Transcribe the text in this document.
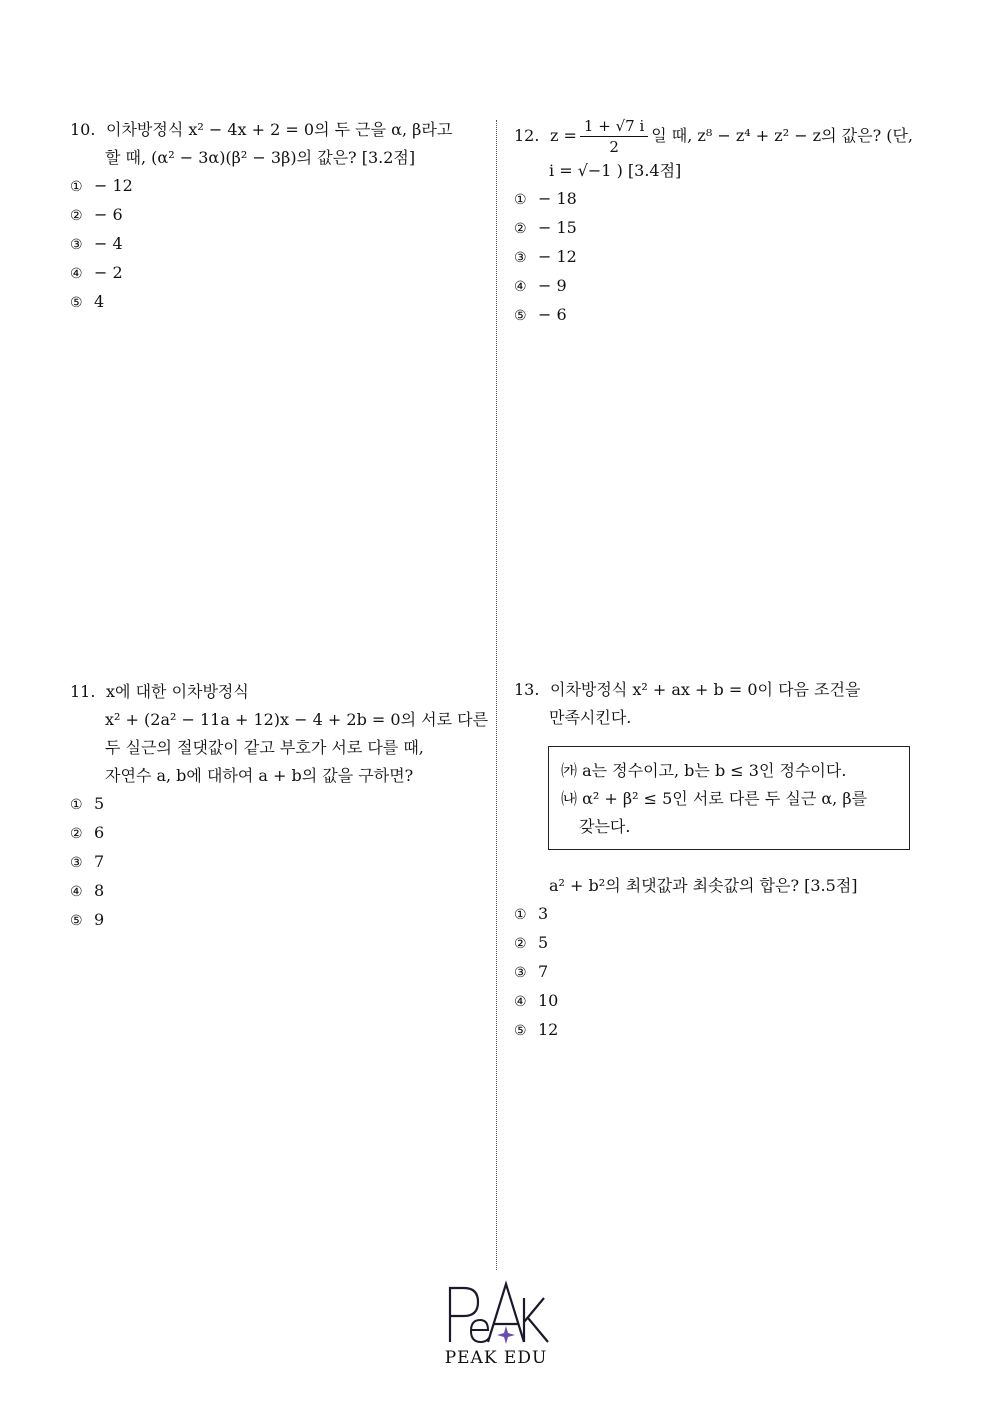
10. 이차방정식 x² − 4x + 2 = 0의 두 근을 α, β라고
할 때, (α² − 3α)(β² − 3β)의 값은? [3.2점]
① − 12
② − 6
③ − 4
④ − 2
⑤ 4
12. $z = \frac{1 + √7 i}{2}$ 일 때, z⁸ − z⁴ + z² − z의 값은? (단,
i = √−1 ) [3.4점]
① − 18
② − 15
③ − 12
④ − 9
⑤ − 6
11. x에 대한 이차방정식
x² + (2a² − 11a + 12)x − 4 + 2b = 0의 서로 다른
두 실근의 절댓값이 같고 부호가 서로 다를 때,
자연수 a, b에 대하여 a + b의 값을 구하면?
① 5
② 6
③ 7
④ 8
⑤ 9
13. 이차방정식 x² + ax + b = 0이 다음 조건을
만족시킨다.
㈎ a는 정수이고, b는 b ≤ 3인 정수이다.
㈏ α² + β² ≤ 5인 서로 다른 두 실근 α, β를
갖는다.
a² + b²의 최댓값과 최솟값의 합은? [3.5점]
① 3
② 5
③ 7
④ 10
⑤ 12
PEAK EDU
